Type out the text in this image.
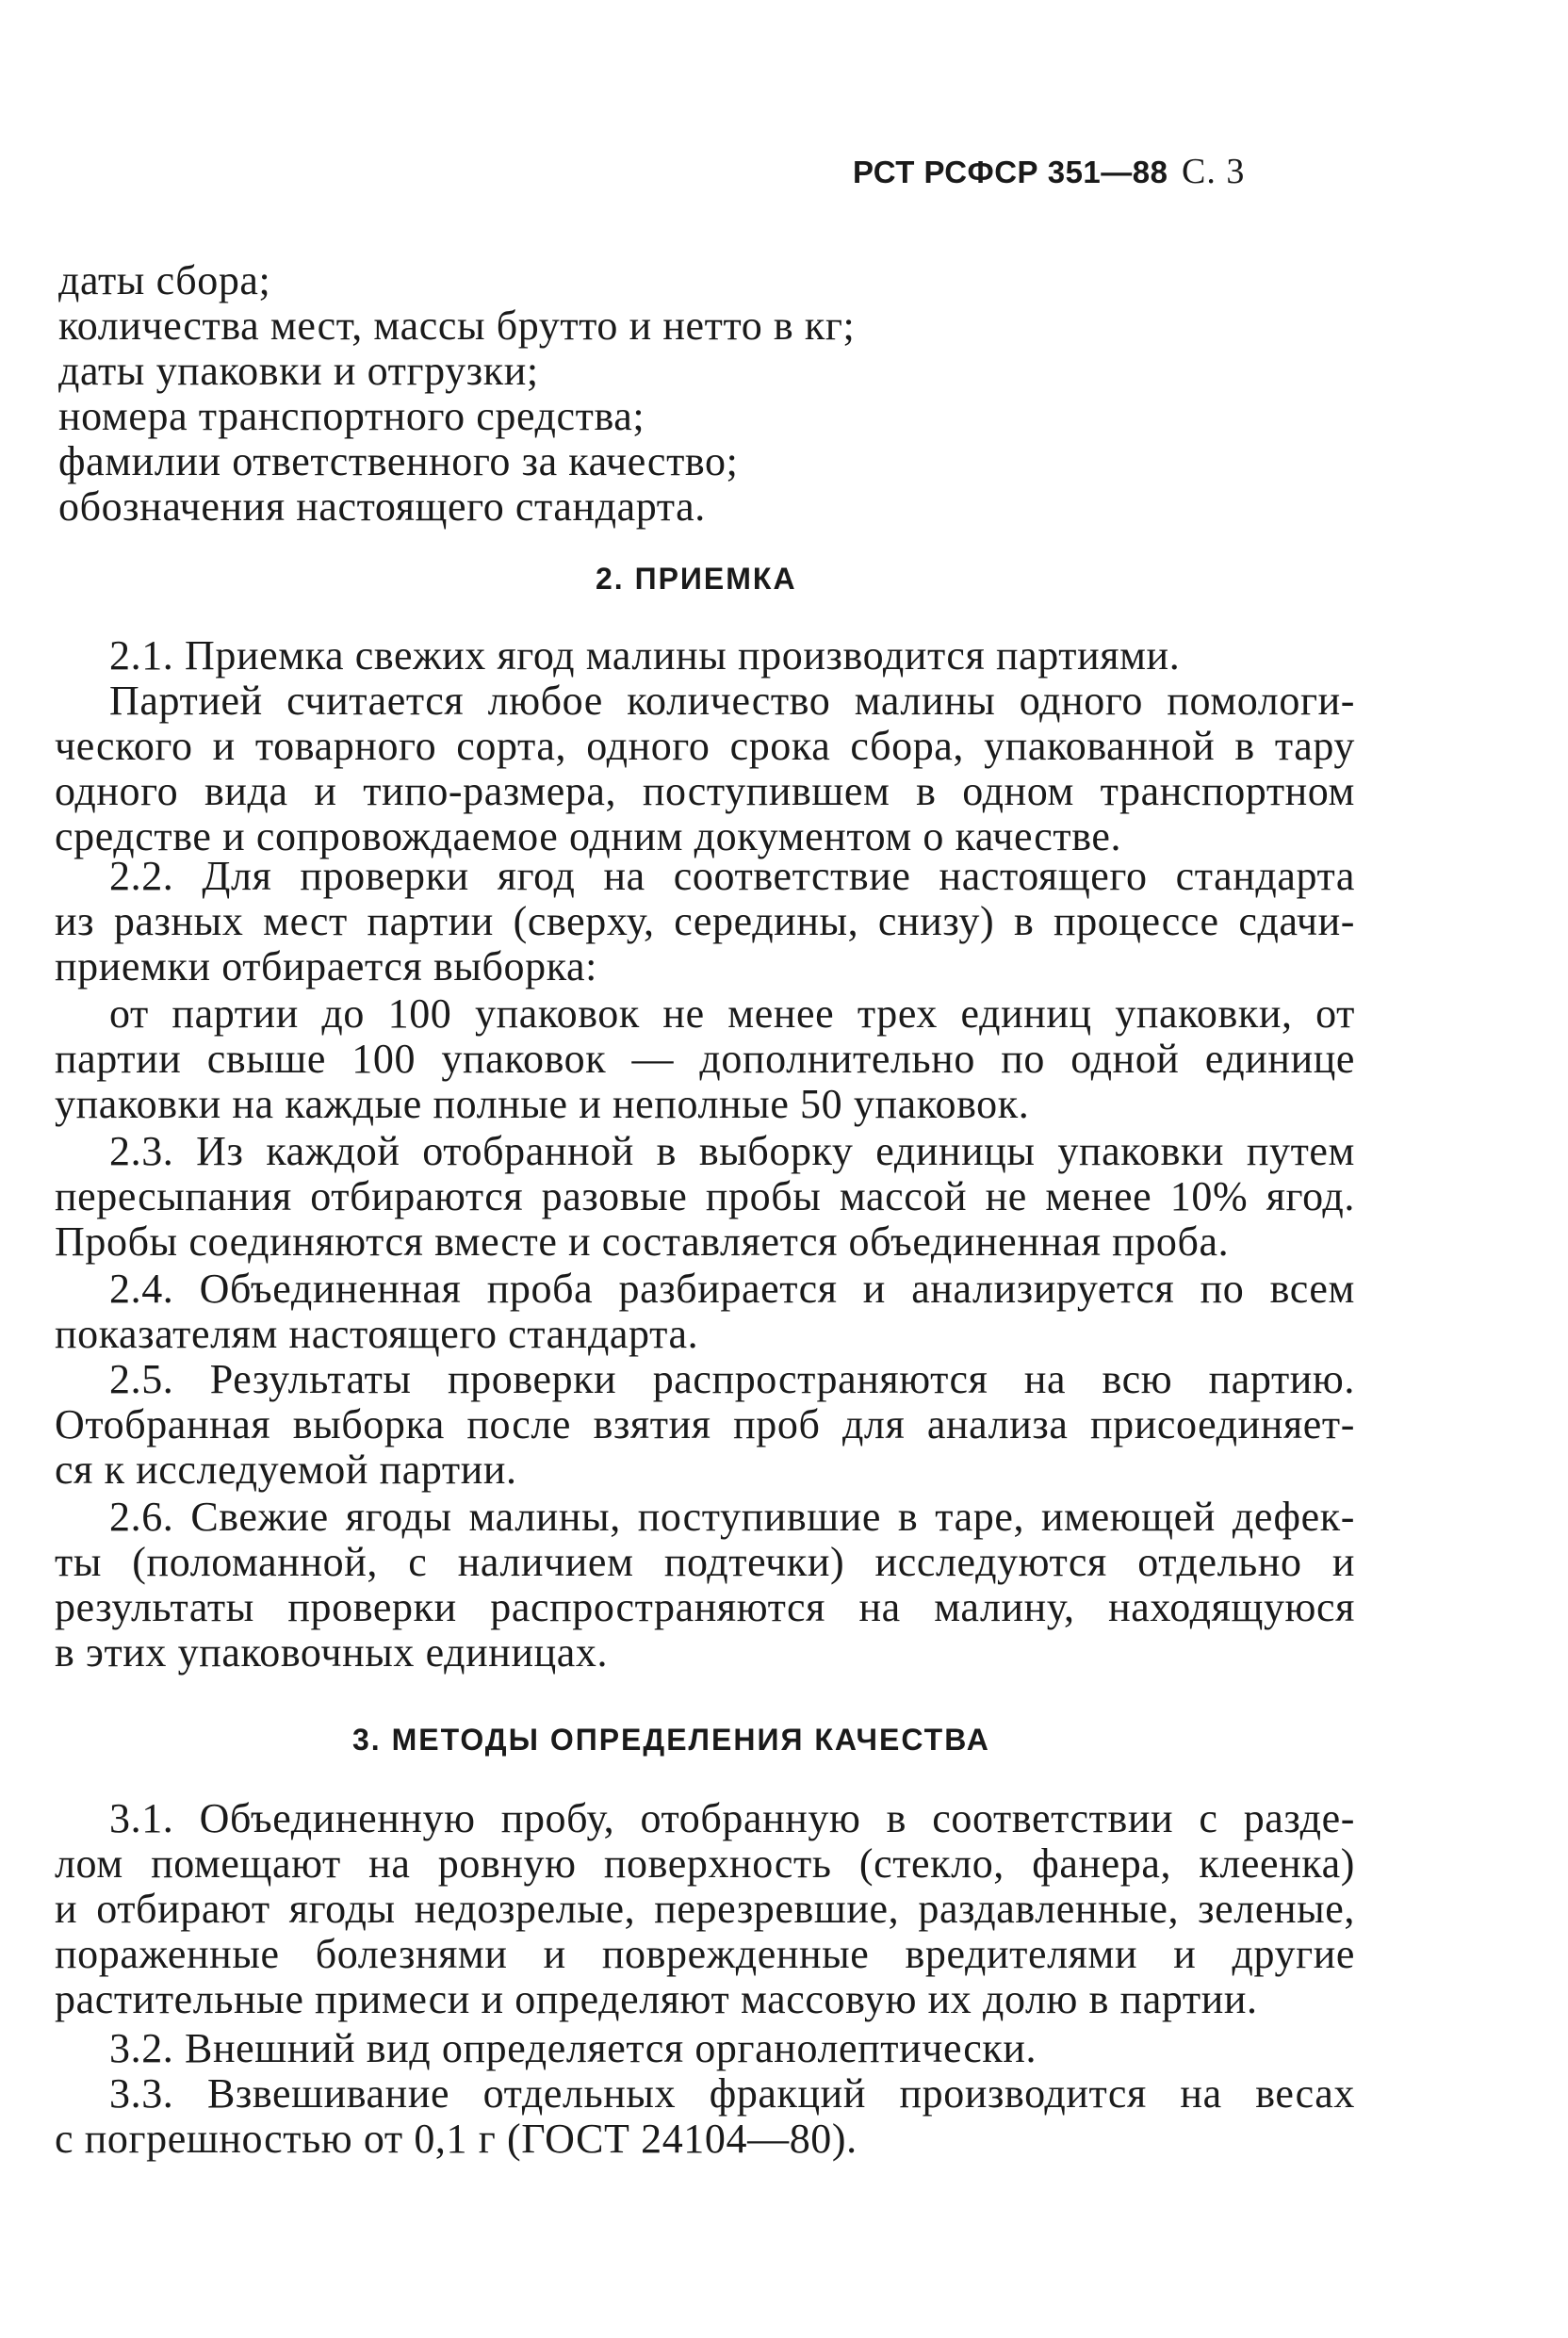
РСТ РСФСР 351—88 С. 3
даты сбора;
количества мест, массы брутто и нетто в кг;
даты упаковки и отгрузки;
номера транспортного средства;
фамилии ответственного за качество;
обозначения настоящего стандарта.
2. ПРИЕМКА
2.1. Приемка свежих ягод малины производится партиями.
Партией считается любое количество малины одного помологи-
ческого и товарного сорта, одного срока сбора, упакованной в тару
одного вида и типо-размера, поступившем в одном транспортном
средстве и сопровождаемое одним документом о качестве.
2.2. Для проверки ягод на соответствие настоящего стандарта
из разных мест партии (сверху, середины, снизу) в процессе сдачи-
приемки отбирается выборка:
от партии до 100 упаковок не менее трех единиц упаковки, от
партии свыше 100 упаковок — дополнительно по одной единице
упаковки на каждые полные и неполные 50 упаковок.
2.3. Из каждой отобранной в выборку единицы упаковки путем
пересыпания отбираются разовые пробы массой не менее 10% ягод.
Пробы соединяются вместе и составляется объединенная проба.
2.4. Объединенная проба разбирается и анализируется по всем
показателям настоящего стандарта.
2.5. Результаты проверки распространяются на всю партию.
Отобранная выборка после взятия проб для анализа присоединяет-
ся к исследуемой партии.
2.6. Свежие ягоды малины, поступившие в таре, имеющей дефек-
ты (поломанной, с наличием подтечки) исследуются отдельно и
результаты проверки распространяются на малину, находящуюся
в этих упаковочных единицах.
3. МЕТОДЫ ОПРЕДЕЛЕНИЯ КАЧЕСТВА
3.1. Объединенную пробу, отобранную в соответствии с разде-
лом помещают на ровную поверхность (стекло, фанера, клеенка)
и отбирают ягоды недозрелые, перезревшие, раздавленные, зеленые,
пораженные болезнями и поврежденные вредителями и другие
растительные примеси и определяют массовую их долю в партии.
3.2. Внешний вид определяется органолептически.
3.3. Взвешивание отдельных фракций производится на весах
с погрешностью от 0,1 г (ГОСТ 24104—80).
